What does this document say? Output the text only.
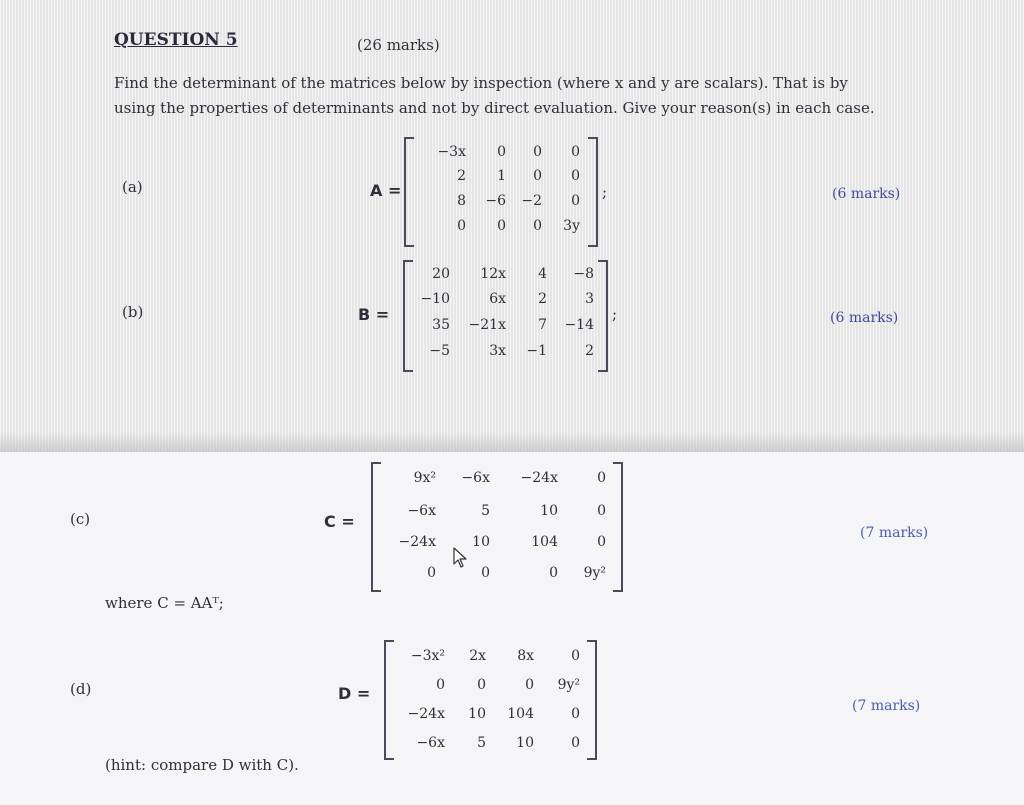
QUESTION 5	(26 marks)
Find the determinant of the matrices below by inspection (where x and y are scalars). That is by
using the properties of determinants and not by direct evaluation. Give your reason(s) in each case.
(a)	A =
−3x	0	0	0
2	1	0	0
8	−6	−2	0
0	0	0	3y
;	(6 marks)
(b)	B =
20	12x	4	−8
−10	6x	2	3
35	−21x	7	−14
−5	3x	−1	2
;	(6 marks)
(c)	C =
9x²	−6x	−24x	0
−6x	5	10	0
−24x	10	104	0
0	0	0	9y²
(7 marks)
where C = AAᵀ;
(d)	D =
−3x²	2x	8x	0
0	0	0	9y²
−24x	10	104	0
−6x	5	10	0
(7 marks)
(hint: compare D with C).
